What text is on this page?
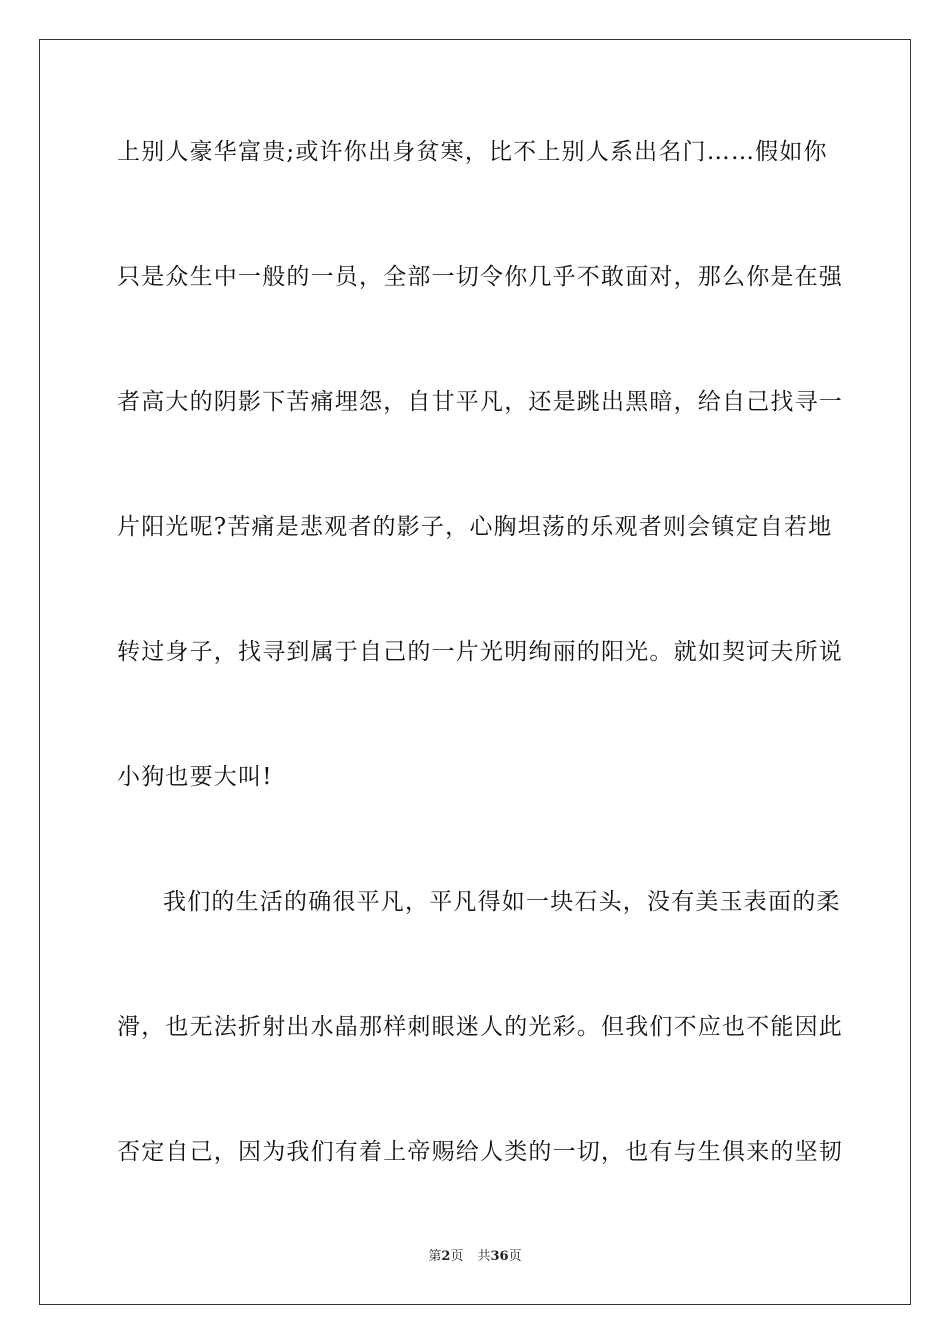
上别人豪华富贵;或许你出身贫寒，比不上别人系出名门……假如你
只是众生中一般的一员，全部一切令你几乎不敢面对，那么你是在强
者高大的阴影下苦痛埋怨，自甘平凡，还是跳出黑暗，给自己找寻一
片阳光呢?苦痛是悲观者的影子，心胸坦荡的乐观者则会镇定自若地
转过身子，找寻到属于自己的一片光明绚丽的阳光。就如契诃夫所说
小狗也要大叫!
我们的生活的确很平凡，平凡得如一块石头，没有美玉表面的柔
滑，也无法折射出水晶那样刺眼迷人的光彩。但我们不应也不能因此
否定自己，因为我们有着上帝赐给人类的一切，也有与生俱来的坚韧
第2页 共36页
